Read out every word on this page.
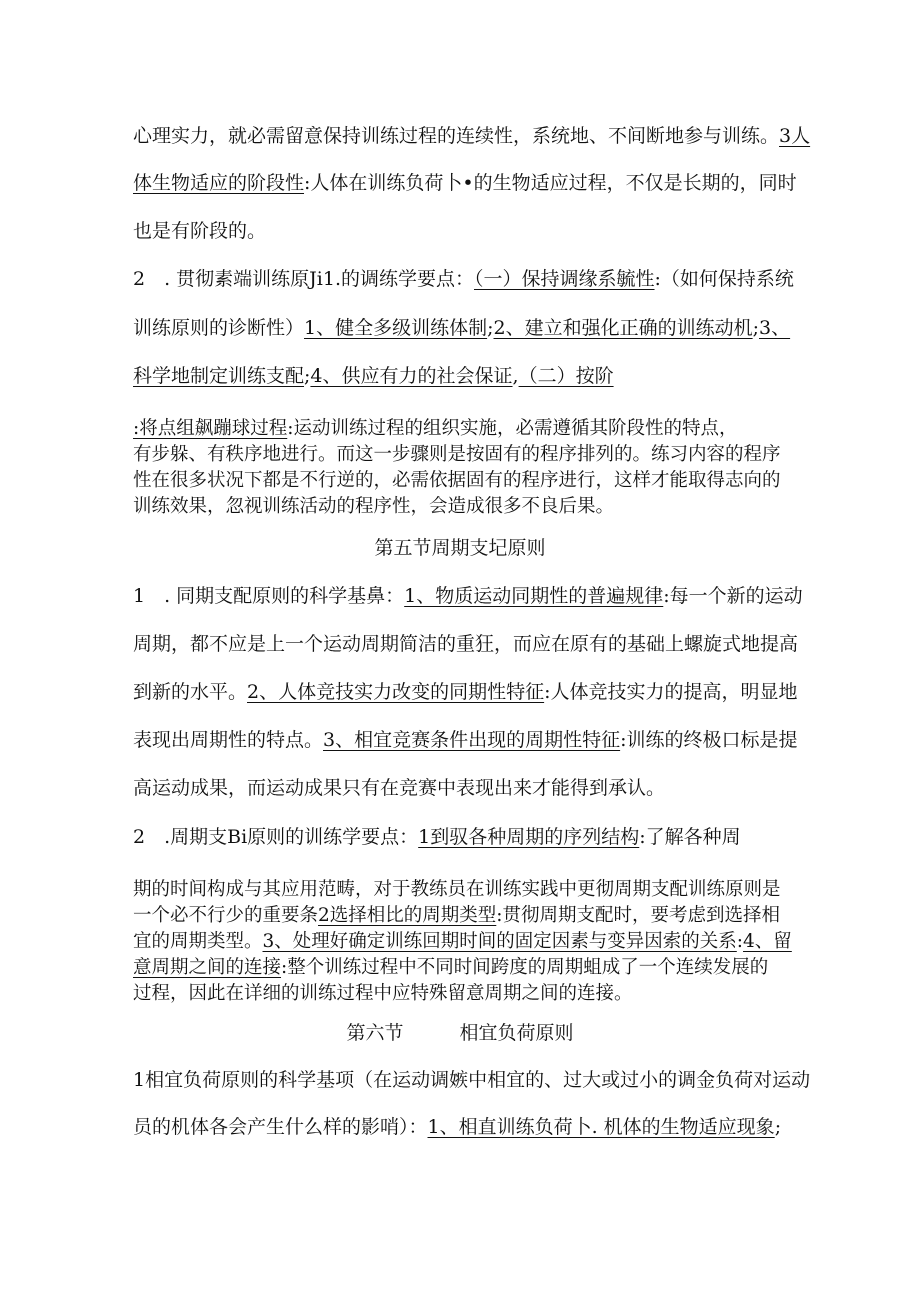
心理实力，就必需留意保持训练过程的连续性，系统地、不间断地参与训练。3人
体生物适应的阶段性:人体在训练负荷卜•的生物适应过程，不仅是长期的，同时
也是有阶段的。
2　. 贯彻素端训练原Ji1.的调练学要点：（一）保持调缘系毓性:（如何保持系统
训练原则的诊断性）1、健全多级训练体制;2、建立和强化正确的训练动机;3、
科学地制定训练支配;4、供应有力的社会保证,（二）按阶
:将点组飙蹦球过程:运动训练过程的组织实施，必需遵循其阶段性的特点，
有步躲、有秩序地进行。而这一步骤则是按固有的程序排列的。练习内容的程序
性在很多状况下都是不行逆的，必需依据固有的程序进行，这样才能取得志向的
训练效果，忽视训练活动的程序性，会造成很多不良后果。
第五节周期支圮原则
1　. 同期支配原则的科学基鼻：1、物质运动同期性的普遍规律:每一个新的运动
周期，都不应是上一个运动周期简洁的重狂，而应在原有的基础上螺旋式地提高
到新的水平。2、人体竞技实力改变的同期性特征:人体竞技实力的提高，明显地
表现出周期性的特点。3、相宜竞赛条件出现的周期性特征:训练的终极口标是提
高运动成果，而运动成果只有在竞赛中表现出来才能得到承认。
2　.周期支Bi原则的训练学要点：1到驭各种周期的序列结构:了解各种周
期的时间构成与其应用范畴，对于教练员在训练实践中更彻周期支配训练原则是
一个必不行少的重要条2选择相比的周期类型:贯彻周期支配时，要考虑到选择相
宜的周期类型。3、处理好确定训练回期时间的固定因素与变异因索的关系:4、留
意周期之间的连接:整个训练过程中不同时间跨度的周期蛆成了一个连续发展的
过程，因此在详细的训练过程中应特殊留意周期之间的连接。
第六节	相宜负荷原则
1相宜负荷原则的科学基项（在运动调嫉中相宜的、过大或过小的调金负荷对运动
员的机体各会产生什么样的影哨）：1、相直训练负荷卜. 机体的生物适应现象;
